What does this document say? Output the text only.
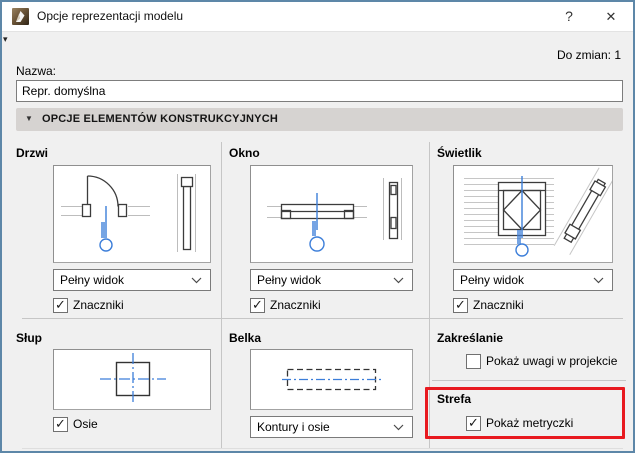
Opcje reprezentacji modelu	?	✕
▾
Do zmian: 1
Nazwa:
Repr. domyślna
▼ OPCJE ELEMENTÓW KONSTRUKCYJNYCH
Drzwi	Okno	Świetlik
Pełny widok	Pełny widok	Pełny widok
✓ Znaczniki	✓ Znaczniki	✓ Znaczniki
Słup	Belka	Zakreślanie
✓ Osie	Kontury i osie
Pokaż uwagi w projekcie
Strefa
✓ Pokaż metryczki
